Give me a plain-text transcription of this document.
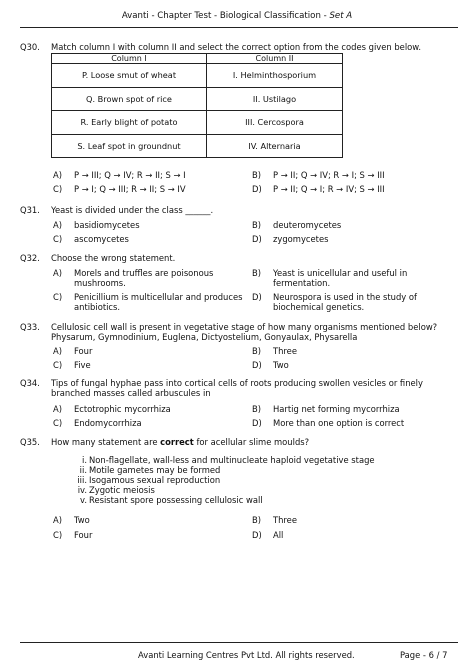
Avanti - Chapter Test - Biological Classification - Set A
Q30. Match column I with column II and select the correct option from the codes given below.
Column I	Column II
P. Loose smut of wheat	I. Helminthosporium
Q. Brown spot of rice	II. Ustilago
R. Early blight of potato	III. Cercospora
S. Leaf spot in groundnut	IV. Alternaria
A) P → III; Q → IV; R → II; S → I	B) P → II; Q → IV; R → I; S → III
C) P → I; Q → III; R → II; S → IV	D) P → II; Q → I; R → IV; S → III
Q31. Yeast is divided under the class ______.
A) basidiomycetes	B) deuteromycetes
C) ascomycetes	D) zygomycetes
Q32. Choose the wrong statement.
A) Morels and truffles are poisonous mushrooms.
B) Yeast is unicellular and useful in fermentation.
C) Penicillium is multicellular and produces antibiotics.
D) Neurospora is used in the study of biochemical genetics.
Q33. Cellulosic cell wall is present in vegetative stage of how many organisms mentioned below? Physarum, Gymnodinium, Euglena, Dictyostelium, Gonyaulax, Physarella
A) Four	B) Three
C) Five	D) Two
Q34. Tips of fungal hyphae pass into cortical cells of roots producing swollen vesicles or finely branched masses called arbuscules in
A) Ectotrophic mycorrhiza	B) Hartig net forming mycorrhiza
C) Endomycorrhiza	D) More than one option is correct
Q35. How many statement are correct for acellular slime moulds?
i. Non-flagellate, wall-less and multinucleate haploid vegetative stage
ii. Motile gametes may be formed
iii. Isogamous sexual reproduction
iv. Zygotic meiosis
v. Resistant spore possessing cellulosic wall
A) Two	B) Three
C) Four	D) All
Avanti Learning Centres Pvt Ltd. All rights reserved.	Page - 6 / 7
